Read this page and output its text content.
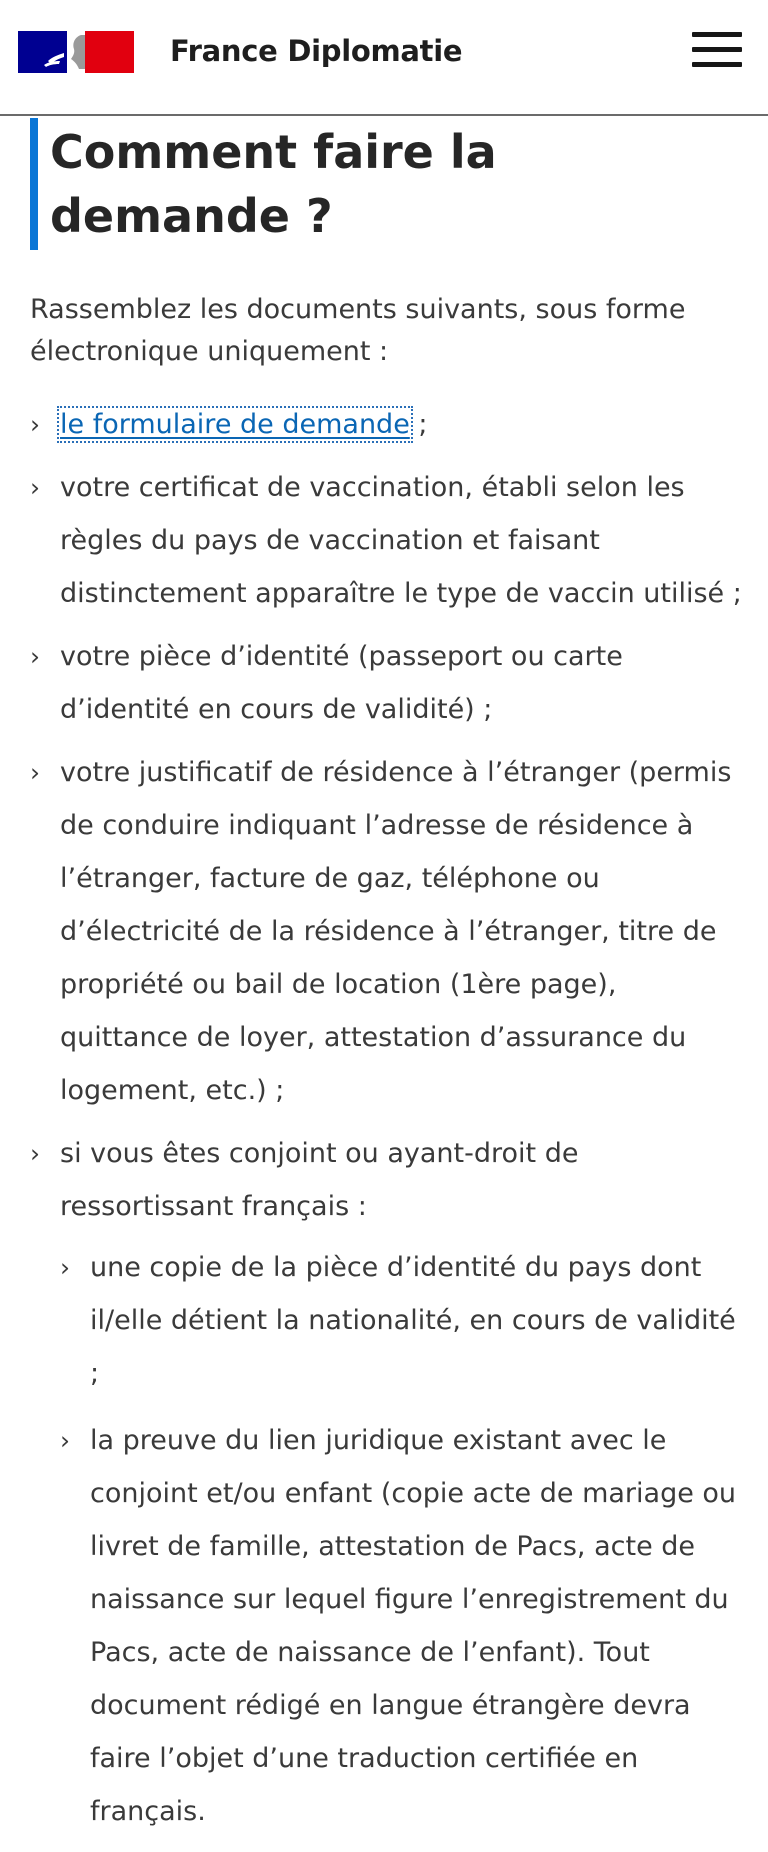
France Diplomatie
Comment faire la demande ?

Rassemblez les documents suivants, sous forme électronique uniquement :

› le formulaire de demande ;
› votre certificat de vaccination, établi selon les règles du pays de vaccination et faisant distinctement apparaître le type de vaccin utilisé ;
› votre pièce d’identité (passeport ou carte d’identité en cours de validité) ;
› votre justificatif de résidence à l’étranger (permis de conduire indiquant l’adresse de résidence à l’étranger, facture de gaz, téléphone ou d’électricité de la résidence à l’étranger, titre de propriété ou bail de location (1ère page), quittance de loyer, attestation d’assurance du logement, etc.) ;
› si vous êtes conjoint ou ayant-droit de ressortissant français :
› une copie de la pièce d’identité du pays dont il/elle détient la nationalité, en cours de validité ;
› la preuve du lien juridique existant avec le conjoint et/ou enfant (copie acte de mariage ou livret de famille, attestation de Pacs, acte de naissance sur lequel figure l’enregistrement du Pacs, acte de naissance de l’enfant). Tout document rédigé en langue étrangère devra faire l’objet d’une traduction certifiée en français.
